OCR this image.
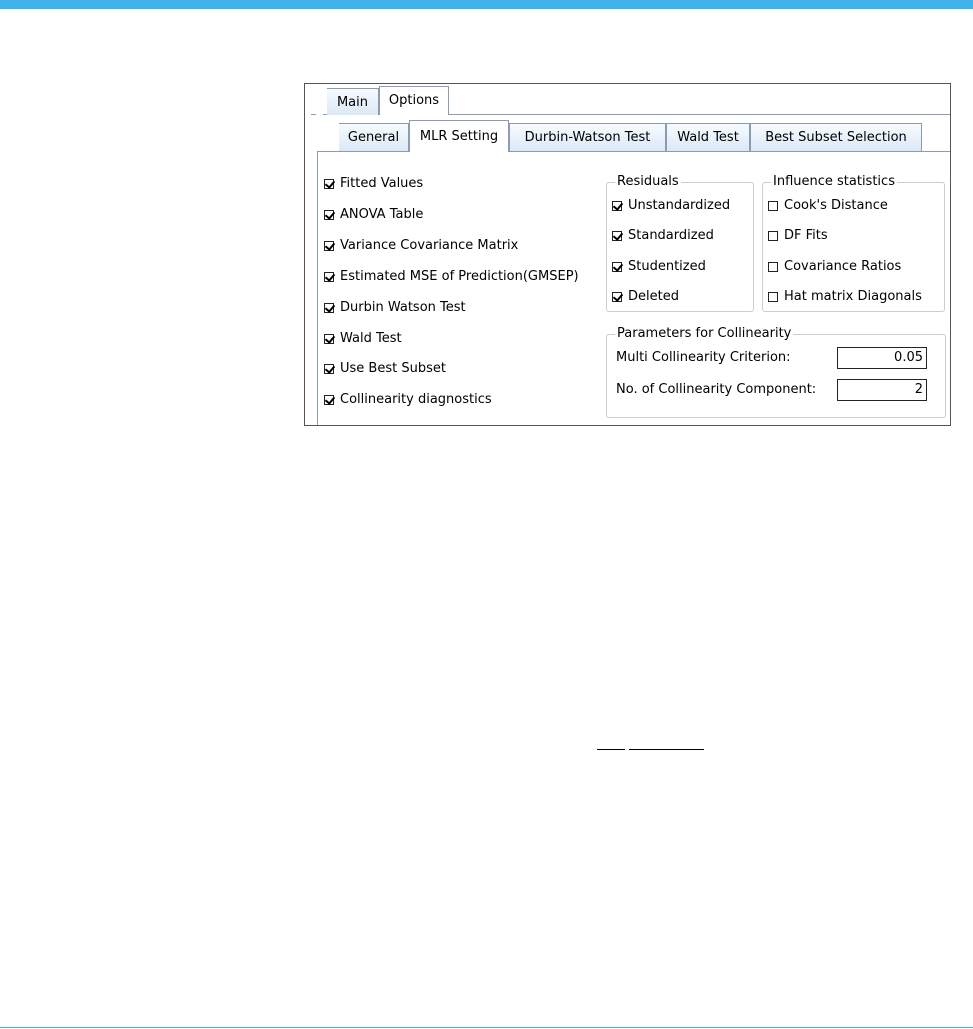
Main	Options
General	MLR Setting	Durbin-Watson Test	Wald Test	Best Subset Selection
Residuals	Influence statistics
Parameters for Collinearity
Multi Collinearity Criterion:	0.05
No. of Collinearity Component:	2
Fitted Values
ANOVA Table
Variance Covariance Matrix
Estimated MSE of Prediction(GMSEP)
Durbin Watson Test
Wald Test
Use Best Subset
Collinearity diagnostics
Unstandardized
Standardized
Studentized
Deleted
Cook's Distance
DF Fits
Covariance Ratios
Hat matrix Diagonals
